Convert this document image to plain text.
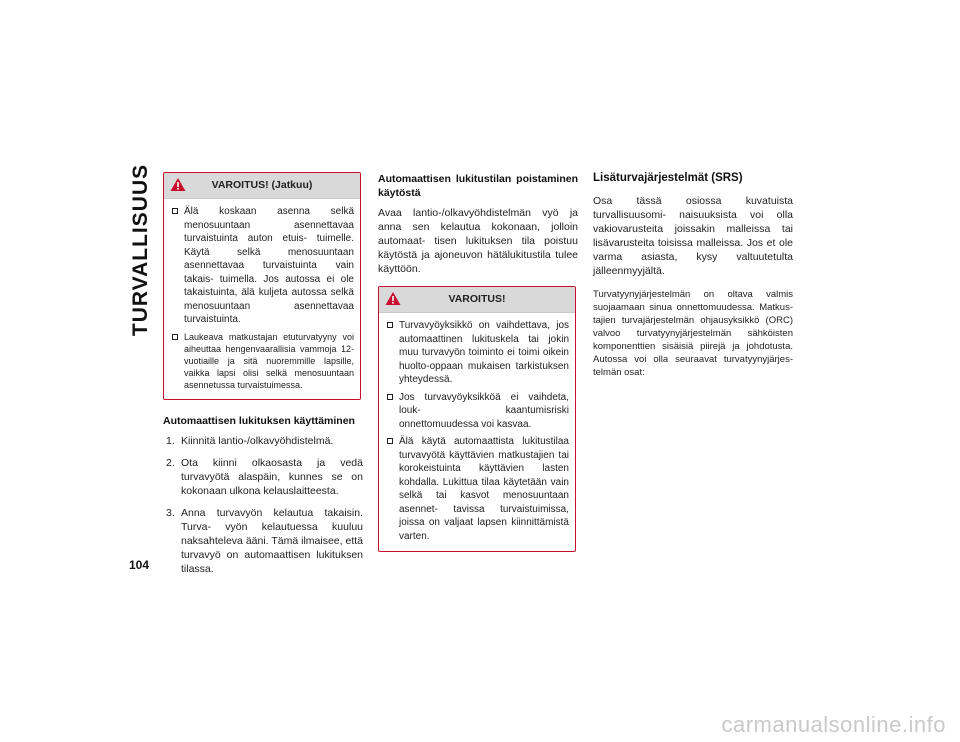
TURVALLISUUS	VAROITUS! (Jatkuu)
Älä koskaan asenna selkä menosuuntaan asennettavaa turvaistuinta auton etuis- tuimelle. Käytä selkä menosuuntaan asennettavaa turvaistuinta vain takais- tuimella. Jos autossa ei ole takaistuinta, älä kuljeta autossa selkä menosuuntaan asennettavaa turvaistuinta.
Laukeava matkustajan etuturvatyyny voi aiheuttaa hengenvaarallisia vammoja 12-vuotiaille ja sitä nuoremmille lapsille, vaikka lapsi olisi selkä menosuuntaan asennetussa turvaistuimessa.
Automaattisen lukituksen käyttäminen
1. Kiinnitä lantio-/olkavyöhdistelmä.
2. Ota kiinni olkaosasta ja vedä turvavyötä alaspäin, kunnes se on kokonaan ulkona kelauslaitteesta.
3. Anna turvavyön kelautua takaisin. Turva- vyön kelautuessa kuuluu naksahteleva ääni. Tämä ilmaisee, että turvavyö on automaattisen lukituksen tilassa.
Automaattisen lukitustilan poistaminen käytöstä

Avaa lantio-/olkavyöhdistelmän vyö ja anna sen kelautua kokonaan, jolloin automaat- tisen lukituksen tila poistuu käytöstä ja ajoneuvon hätälukitustila tulee käyttöön.

VAROITUS!
Turvavyöyksikkö on vaihdettava, jos automaattinen lukituskela tai jokin muu turvavyön toiminto ei toimi oikein huolto-oppaan mukaisen tarkistuksen yhteydessä.
Jos turvavyöyksikköä ei vaihdeta, louk- kaantumisriski onnettomuudessa voi kasvaa.
Älä käytä automaattista lukitustilaa turvavyötä käyttävien matkustajien tai korokeistuinta käyttävien lasten kohdalla. Lukittua tilaa käytetään vain selkä tai kasvot menosuuntaan asennet- tavissa turvaistuimissa, joissa on valjaat lapsen kiinnittämistä varten.
Lisäturvajärjestelmät (SRS)

Osa tässä osiossa kuvatuista turvallisuusomi- naisuuksista voi olla vakiovarusteita joissakin malleissa tai lisävarusteita toisissa malleissa. Jos et ole varma asiasta, kysy valtuutetulta jälleenmyyjältä.

Turvatyynyjärjestelmän on oltava valmis suojaamaan sinua onnettomuudessa. Matkus- tajien turvajärjestelmän ohjausyksikkö (ORC) valvoo turvatyynyjärjestelmän sähköisten komponenttien sisäisiä piirejä ja johdotusta. Autossa voi olla seuraavat turvatyynyjärjes- telmän osat:

104
carmanualsonline.info
